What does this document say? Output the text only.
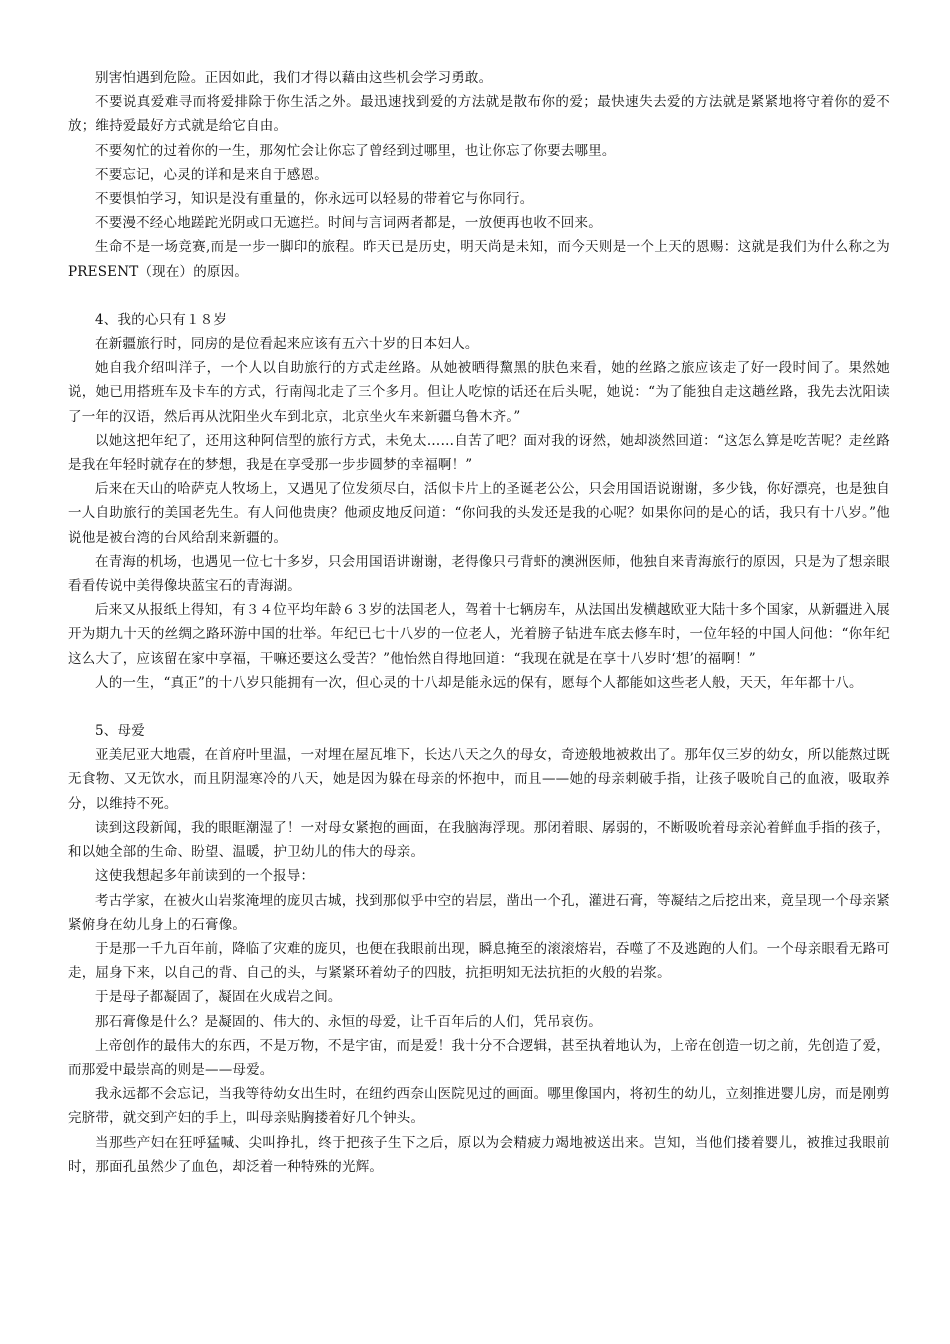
别害怕遇到危险。正因如此，我们才得以藉由这些机会学习勇敢。

不要说真爱难寻而将爱排除于你生活之外。最迅速找到爱的方法就是散布你的爱；最快速失去爱的方法就是紧紧地将守着你的爱不放；维持爱最好方式就是给它自由。

不要匆忙的过着你的一生，那匆忙会让你忘了曾经到过哪里，也让你忘了你要去哪里。

不要忘记，心灵的详和是来自于感恩。

不要惧怕学习，知识是没有重量的，你永远可以轻易的带着它与你同行。

不要漫不经心地蹉跎光阴或口无遮拦。时间与言词两者都是，一放便再也收不回来。

生命不是一场竞赛,而是一步一脚印的旅程。昨天已是历史，明天尚是未知，而今天则是一个上天的恩赐：这就是我们为什么称之为PRESENT（现在）的原因。

4、我的心只有１８岁

在新疆旅行时，同房的是位看起来应该有五六十岁的日本妇人。

她自我介绍叫洋子，一个人以自助旅行的方式走丝路。从她被晒得黧黑的肤色来看，她的丝路之旅应该走了好一段时间了。果然她说，她已用搭班车及卡车的方式，行南闯北走了三个多月。但让人吃惊的话还在后头呢，她说：“为了能独自走这趟丝路，我先去沈阳读了一年的汉语，然后再从沈阳坐火车到北京，北京坐火车来新疆乌鲁木齐。”

以她这把年纪了，还用这种阿信型的旅行方式，未免太……自苦了吧？面对我的讶然，她却淡然回道：“这怎么算是吃苦呢？走丝路是我在年轻时就存在的梦想，我是在享受那一步步圆梦的幸福啊！”

后来在天山的哈萨克人牧场上，又遇见了位发须尽白，活似卡片上的圣诞老公公，只会用国语说谢谢，多少钱，你好漂亮，也是独自一人自助旅行的美国老先生。有人问他贵庚？他顽皮地反问道：“你问我的头发还是我的心呢？如果你问的是心的话，我只有十八岁。”他说他是被台湾的台风给刮来新疆的。

在青海的机场，也遇见一位七十多岁，只会用国语讲谢谢，老得像只弓背虾的澳洲医师，他独自来青海旅行的原因，只是为了想亲眼看看传说中美得像块蓝宝石的青海湖。

后来又从报纸上得知，有３４位平均年龄６３岁的法国老人，驾着十七辆房车，从法国出发横越欧亚大陆十多个国家，从新疆进入展开为期九十天的丝绸之路环游中国的壮举。年纪已七十八岁的一位老人，光着膀子钻进车底去修车时，一位年轻的中国人问他：“你年纪这么大了，应该留在家中享福，干嘛还要这么受苦？”他怡然自得地回道：“我现在就是在享十八岁时‘想’的福啊！”

人的一生，“真正”的十八岁只能拥有一次，但心灵的十八却是能永远的保有，愿每个人都能如这些老人般，天天，年年都十八。

5、母爱

亚美尼亚大地震，在首府叶里温，一对埋在屋瓦堆下，长达八天之久的母女，奇迹般地被救出了。那年仅三岁的幼女，所以能熬过既无食物、又无饮水，而且阴湿寒冷的八天，她是因为躲在母亲的怀抱中，而且——她的母亲刺破手指，让孩子吸吮自己的血液，吸取养分，以维持不死。

读到这段新闻，我的眼眶潮湿了！一对母女紧抱的画面，在我脑海浮现。那闭着眼、孱弱的，不断吸吮着母亲沁着鲜血手指的孩子，和以她全部的生命、盼望、温暖，护卫幼儿的伟大的母亲。

这使我想起多年前读到的一个报导：

考古学家，在被火山岩浆淹埋的庞贝古城，找到那似乎中空的岩层，凿出一个孔，灌进石膏，等凝结之后挖出来，竟呈现一个母亲紧紧俯身在幼儿身上的石膏像。

于是那一千九百年前，降临了灾难的庞贝，也便在我眼前出现，瞬息掩至的滚滚熔岩，吞噬了不及逃跑的人们。一个母亲眼看无路可走，屈身下来，以自己的背、自己的头，与紧紧环着幼子的四肢，抗拒明知无法抗拒的火般的岩浆。

于是母子都凝固了，凝固在火成岩之间。

那石膏像是什么？是凝固的、伟大的、永恒的母爱，让千百年后的人们，凭吊哀伤。

上帝创作的最伟大的东西，不是万物，不是宇宙，而是爱！我十分不合逻辑，甚至执着地认为，上帝在创造一切之前，先创造了爱，而那爱中最崇高的则是——母爱。

我永远都不会忘记，当我等待幼女出生时，在纽约西奈山医院见过的画面。哪里像国内，将初生的幼儿，立刻推进婴儿房，而是刚剪完脐带，就交到产妇的手上，叫母亲贴胸搂着好几个钟头。

当那些产妇在狂呼猛喊、尖叫挣扎，终于把孩子生下之后，原以为会精疲力竭地被送出来。岂知，当他们搂着婴儿，被推过我眼前时，那面孔虽然少了血色，却泛着一种特殊的光辉。
